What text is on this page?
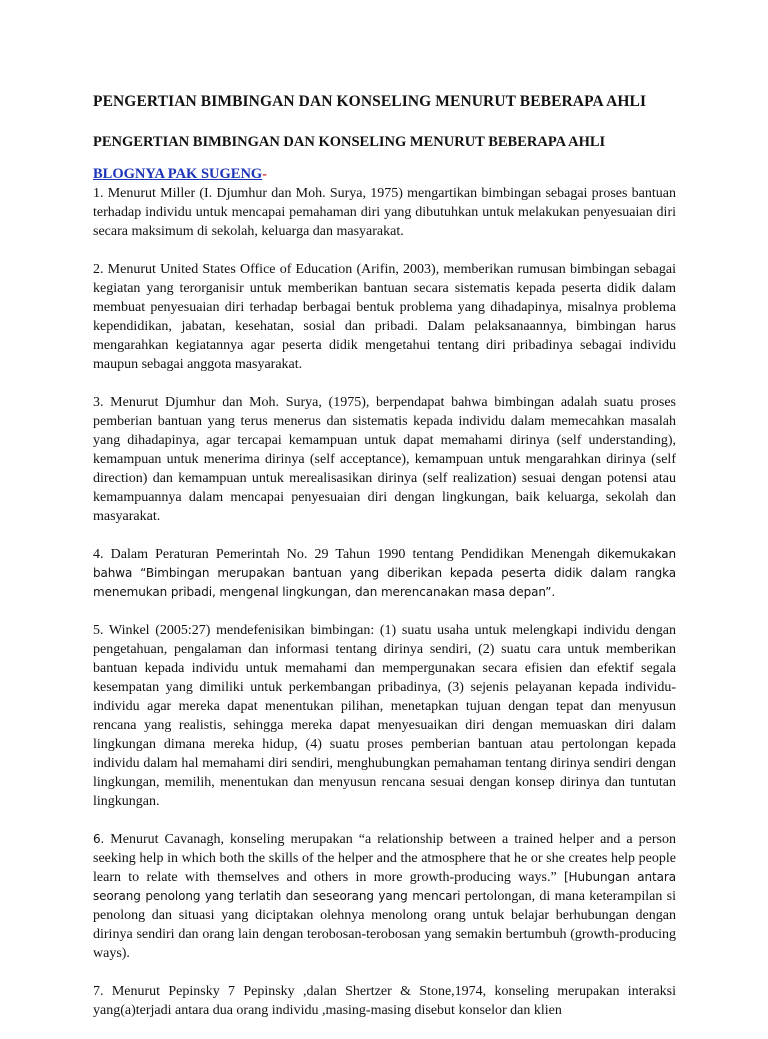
PENGERTIAN BIMBINGAN DAN KONSELING MENURUT BEBERAPA AHLI
PENGERTIAN BIMBINGAN DAN KONSELING MENURUT BEBERAPA AHLI
BLOGNYA PAK SUGENG-

1. Menurut Miller (I. Djumhur dan Moh. Surya, 1975) mengartikan bimbingan sebagai proses bantuan terhadap individu untuk mencapai pemahaman diri yang dibutuhkan untuk melakukan penyesuaian diri secara maksimum di sekolah, keluarga dan masyarakat.

2. Menurut United States Office of Education (Arifin, 2003), memberikan rumusan bimbingan sebagai kegiatan yang terorganisir untuk memberikan bantuan secara sistematis kepada peserta didik dalam membuat penyesuaian diri terhadap berbagai bentuk problema yang dihadapinya, misalnya problema kependidikan, jabatan, kesehatan, sosial dan pribadi. Dalam pelaksanaannya, bimbingan harus mengarahkan kegiatannya agar peserta didik mengetahui tentang diri pribadinya sebagai individu maupun sebagai anggota masyarakat.

3. Menurut Djumhur dan Moh. Surya, (1975), berpendapat bahwa bimbingan adalah suatu proses pemberian bantuan yang terus menerus dan sistematis kepada individu dalam memecahkan masalah yang dihadapinya, agar tercapai kemampuan untuk dapat memahami dirinya (self understanding), kemampuan untuk menerima dirinya (self acceptance), kemampuan untuk mengarahkan dirinya (self direction) dan kemampuan untuk merealisasikan dirinya (self realization) sesuai dengan potensi atau kemampuannya dalam mencapai penyesuaian diri dengan lingkungan, baik keluarga, sekolah dan masyarakat.

4. Dalam Peraturan Pemerintah No. 29 Tahun 1990 tentang Pendidikan Menengah dikemukakan bahwa “Bimbingan merupakan bantuan yang diberikan kepada peserta didik dalam rangka menemukan pribadi, mengenal lingkungan, dan merencanakan masa depan”.

5. Winkel (2005:27) mendefenisikan bimbingan: (1) suatu usaha untuk melengkapi individu dengan pengetahuan, pengalaman dan informasi tentang dirinya sendiri, (2) suatu cara untuk memberikan bantuan kepada individu untuk memahami dan mempergunakan secara efisien dan efektif segala kesempatan yang dimiliki untuk perkembangan pribadinya, (3) sejenis pelayanan kepada individu-individu agar mereka dapat menentukan pilihan, menetapkan tujuan dengan tepat dan menyusun rencana yang realistis, sehingga mereka dapat menyesuaikan diri dengan memuaskan diri dalam lingkungan dimana mereka hidup, (4) suatu proses pemberian bantuan atau pertolongan kepada individu dalam hal memahami diri sendiri, menghubungkan pemahaman tentang dirinya sendiri dengan lingkungan, memilih, menentukan dan menyusun rencana sesuai dengan konsep dirinya dan tuntutan lingkungan.

6. Menurut Cavanagh, konseling merupakan “a relationship between a trained helper and a person seeking help in which both the skills of the helper and the atmosphere that he or she creates help people learn to relate with themselves and others in more growth-producing ways.” [Hubungan antara seorang penolong yang terlatih dan seseorang yang mencari pertolongan, di mana keterampilan si penolong dan situasi yang diciptakan olehnya menolong orang untuk belajar berhubungan dengan dirinya sendiri dan orang lain dengan terobosan-terobosan yang semakin bertumbuh (growth-producing ways).

7. Menurut Pepinsky 7 Pepinsky ,dalan Shertzer & Stone,1974, konseling merupakan interaksi yang(a)terjadi antara dua orang individu ,masing-masing disebut konselor dan klien
